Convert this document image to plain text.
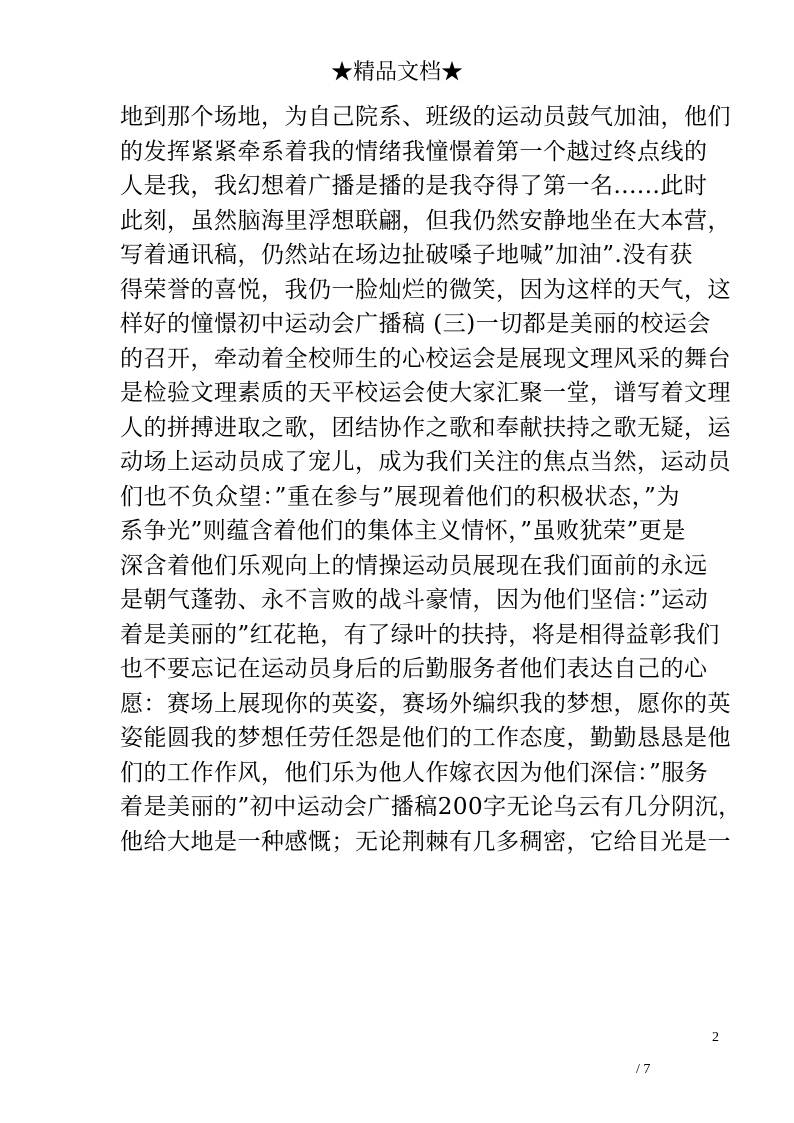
★精品文档★
地到那个场地，为自己院系、班级的运动员鼓气加油，他们
的发挥紧紧牵系着我的情绪我憧憬着第一个越过终点线的
人是我，我幻想着广播是播的是我夺得了第一名......此时
此刻，虽然脑海里浮想联翩，但我仍然安静地坐在大本营，
写着通讯稿，仍然站在场边扯破嗓子地喊”加油”.没有获
得荣誉的喜悦，我仍一脸灿烂的微笑，因为这样的天气，这
样好的憧憬初中运动会广播稿 (三)一切都是美丽的校运会
的召开，牵动着全校师生的心校运会是展现文理风采的舞台
是检验文理素质的天平校运会使大家汇聚一堂，谱写着文理
人的拼搏进取之歌，团结协作之歌和奉献扶持之歌无疑，运
动场上运动员成了宠儿，成为我们关注的焦点当然，运动员
们也不负众望：”重在参与”展现着他们的积极状态，”为
系争光”则蕴含着他们的集体主义情怀，”虽败犹荣”更是
深含着他们乐观向上的情操运动员展现在我们面前的永远
是朝气蓬勃、永不言败的战斗豪情，因为他们坚信：”运动
着是美丽的”红花艳，有了绿叶的扶持，将是相得益彰我们
也不要忘记在运动员身后的后勤服务者他们表达自己的心
愿：赛场上展现你的英姿，赛场外编织我的梦想，愿你的英
姿能圆我的梦想任劳任怨是他们的工作态度，勤勤恳恳是他
们的工作作风，他们乐为他人作嫁衣因为他们深信：”服务
着是美丽的”初中运动会广播稿200字无论乌云有几分阴沉，
他给大地是一种感慨；无论荆棘有几多稠密，它给目光是一
2
/ 7
